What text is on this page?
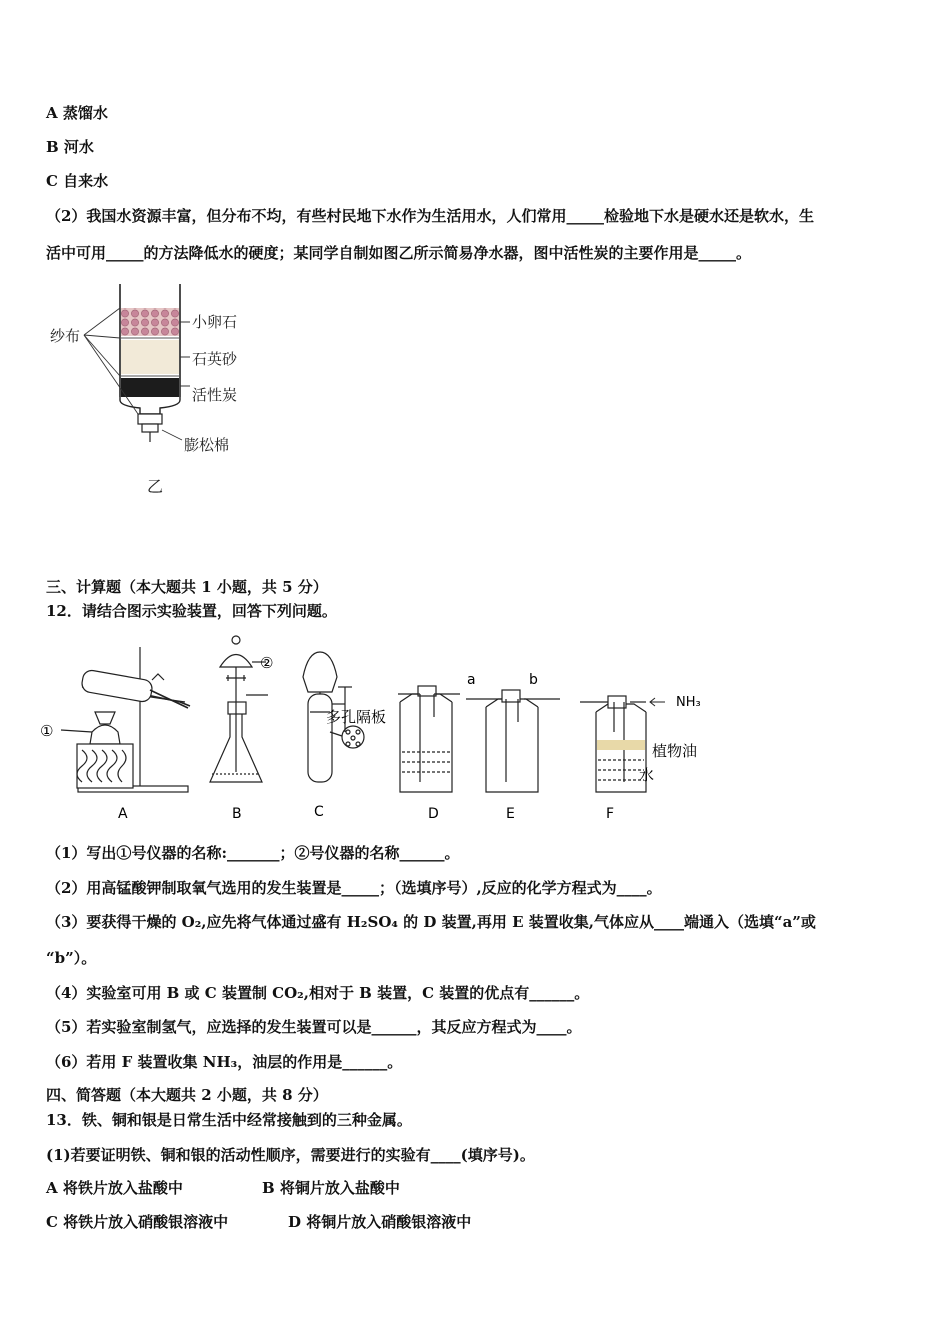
A 蒸馏水
B 河水
C 自来水
（2）我国水资源丰富，但分布不均，有些村民地下水作为生活用水，人们常用_____检验地下水是硬水还是软水，生
活中可用_____的方法降低水的硬度；某同学自制如图乙所示简易净水器，图中活性炭的主要作用是_____。
纱布
小卵石
石英砂
活性炭
膨松棉
乙
三、计算题（本大题共 1 小题，共 5 分）
12．请结合图示实验装置，回答下列问题。
①
②
多孔隔板
a	b
NH₃
植物油
水
A	B	C	D	E	F
（1）写出①号仪器的名称:_______；②号仪器的名称______。
（2）用高锰酸钾制取氧气选用的发生装置是_____；（选填序号）,反应的化学方程式为____。
（3）要获得干燥的 O₂,应先将气体通过盛有 H₂SO₄ 的 D 装置,再用 E 装置收集,气体应从____端通入（选填“a”或
“b”）。
（4）实验室可用 B 或 C 装置制 CO₂,相对于 B 装置，C 装置的优点有______。
（5）若实验室制氢气，应选择的发生装置可以是______，其反应方程式为____。
（6）若用 F 装置收集 NH₃，油层的作用是______。
四、简答题（本大题共 2 小题，共 8 分）
13．铁、铜和银是日常生活中经常接触到的三种金属。
(1)若要证明铁、铜和银的活动性顺序，需要进行的实验有____(填序号)。
A 将铁片放入盐酸中	B 将铜片放入盐酸中
C 将铁片放入硝酸银溶液中	D 将铜片放入硝酸银溶液中
